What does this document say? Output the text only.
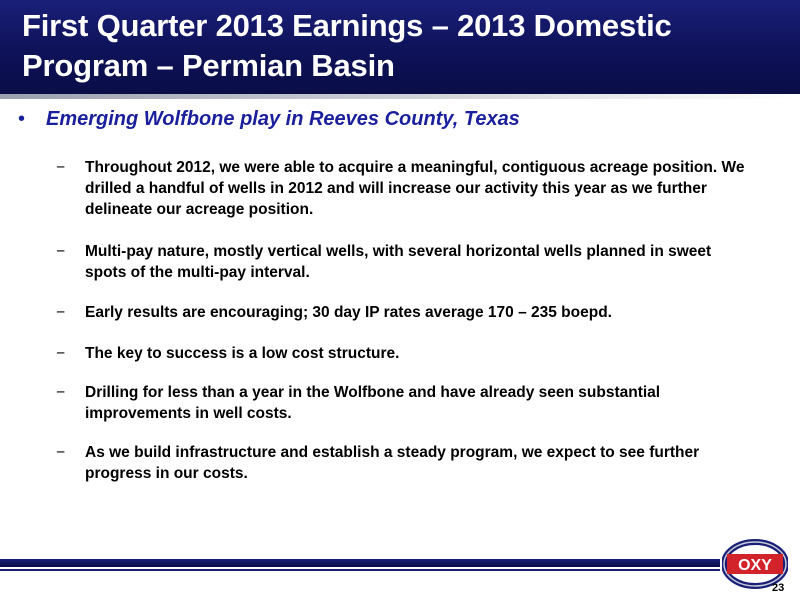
First Quarter 2013 Earnings – 2013 Domestic Program – Permian Basin
• Emerging Wolfbone play in Reeves County, Texas
−	Throughout 2012, we were able to acquire a meaningful, contiguous acreage position. We drilled a handful of wells in 2012 and will increase our activity this year as we further delineate our acreage position.
−	Multi-pay nature, mostly vertical wells, with several horizontal wells planned in sweet spots of the multi-pay interval.
−	Early results are encouraging; 30 day IP rates average 170 – 235 boepd.
−	The key to success is a low cost structure.
−	Drilling for less than a year in the Wolfbone and have already seen substantial improvements in well costs.
−	As we build infrastructure and establish a steady program, we expect to see further progress in our costs.
OXY
23
